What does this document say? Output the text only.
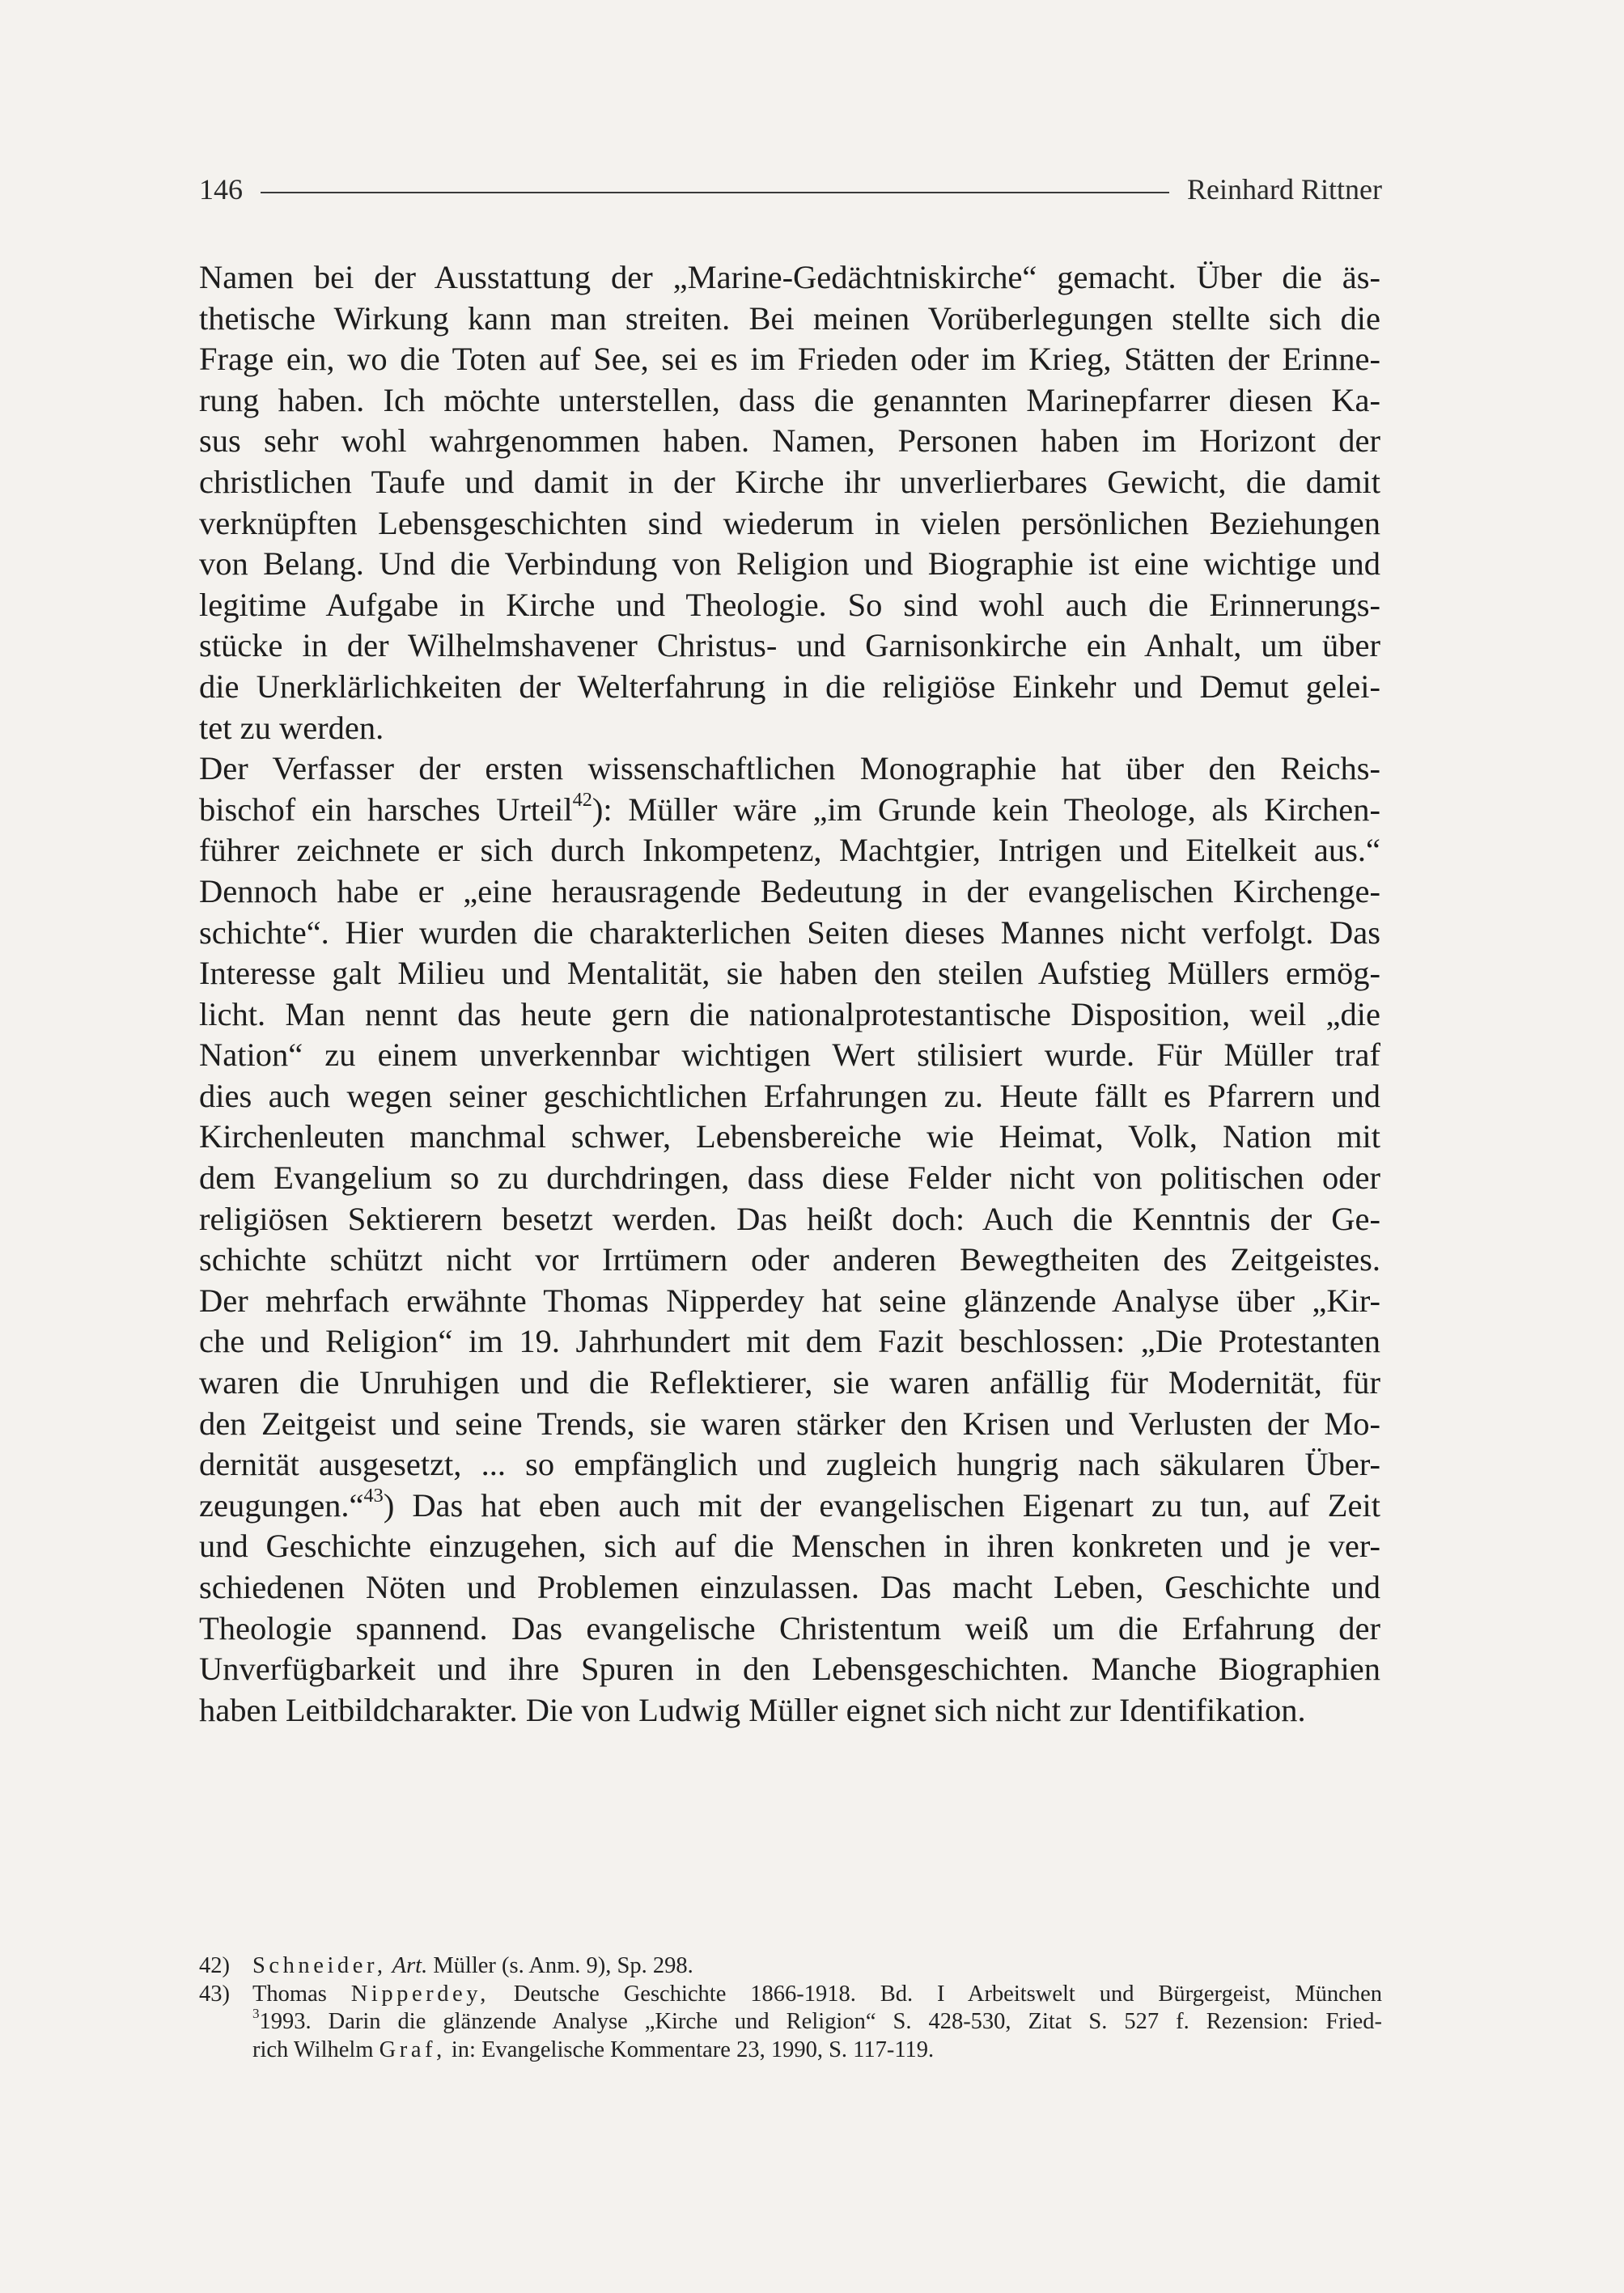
146	Reinhard Rittner
Namen bei der Ausstattung der „Marine-Gedächtniskirche“ gemacht. Über die äs-
thetische Wirkung kann man streiten. Bei meinen Vorüberlegungen stellte sich die
Frage ein, wo die Toten auf See, sei es im Frieden oder im Krieg, Stätten der Erinne-
rung haben. Ich möchte unterstellen, dass die genannten Marinepfarrer diesen Ka-
sus sehr wohl wahrgenommen haben. Namen, Personen haben im Horizont der
christlichen Taufe und damit in der Kirche ihr unverlierbares Gewicht, die damit
verknüpften Lebensgeschichten sind wiederum in vielen persönlichen Beziehungen
von Belang. Und die Verbindung von Religion und Biographie ist eine wichtige und
legitime Aufgabe in Kirche und Theologie. So sind wohl auch die Erinnerungs-
stücke in der Wilhelmshavener Christus- und Garnisonkirche ein Anhalt, um über
die Unerklärlichkeiten der Welterfahrung in die religiöse Einkehr und Demut gelei-
tet zu werden.
Der Verfasser der ersten wissenschaftlichen Monographie hat über den Reichs-
bischof ein harsches Urteil$^{42}$): Müller wäre „im Grunde kein Theologe, als Kirchen-
führer zeichnete er sich durch Inkompetenz, Machtgier, Intrigen und Eitelkeit aus.“
Dennoch habe er „eine herausragende Bedeutung in der evangelischen Kirchenge-
schichte“. Hier wurden die charakterlichen Seiten dieses Mannes nicht verfolgt. Das
Interesse galt Milieu und Mentalität, sie haben den steilen Aufstieg Müllers ermög-
licht. Man nennt das heute gern die nationalprotestantische Disposition, weil „die
Nation“ zu einem unverkennbar wichtigen Wert stilisiert wurde. Für Müller traf
dies auch wegen seiner geschichtlichen Erfahrungen zu. Heute fällt es Pfarrern und
Kirchenleuten manchmal schwer, Lebensbereiche wie Heimat, Volk, Nation mit
dem Evangelium so zu durchdringen, dass diese Felder nicht von politischen oder
religiösen Sektierern besetzt werden. Das heißt doch: Auch die Kenntnis der Ge-
schichte schützt nicht vor Irrtümern oder anderen Bewegtheiten des Zeitgeistes.
Der mehrfach erwähnte Thomas Nipperdey hat seine glänzende Analyse über „Kir-
che und Religion“ im 19. Jahrhundert mit dem Fazit beschlossen: „Die Protestanten
waren die Unruhigen und die Reflektierer, sie waren anfällig für Modernität, für
den Zeitgeist und seine Trends, sie waren stärker den Krisen und Verlusten der Mo-
dernität ausgesetzt, ... so empfänglich und zugleich hungrig nach säkularen Über-
zeugungen.“$^{43}$) Das hat eben auch mit der evangelischen Eigenart zu tun, auf Zeit
und Geschichte einzugehen, sich auf die Menschen in ihren konkreten und je ver-
schiedenen Nöten und Problemen einzulassen. Das macht Leben, Geschichte und
Theologie spannend. Das evangelische Christentum weiß um die Erfahrung der
Unverfügbarkeit und ihre Spuren in den Lebensgeschichten. Manche Biographien
haben Leitbildcharakter. Die von Ludwig Müller eignet sich nicht zur Identifikation.
42) Schneider, Art. Müller (s. Anm. 9), Sp. 298.
43) Thomas Nipperdey, Deutsche Geschichte 1866-1918. Bd. I Arbeitswelt und Bürgergeist, München
$^3$1993. Darin die glänzende Analyse „Kirche und Religion“ S. 428-530, Zitat S. 527 f. Rezension: Fried-
rich Wilhelm Graf, in: Evangelische Kommentare 23, 1990, S. 117-119.
